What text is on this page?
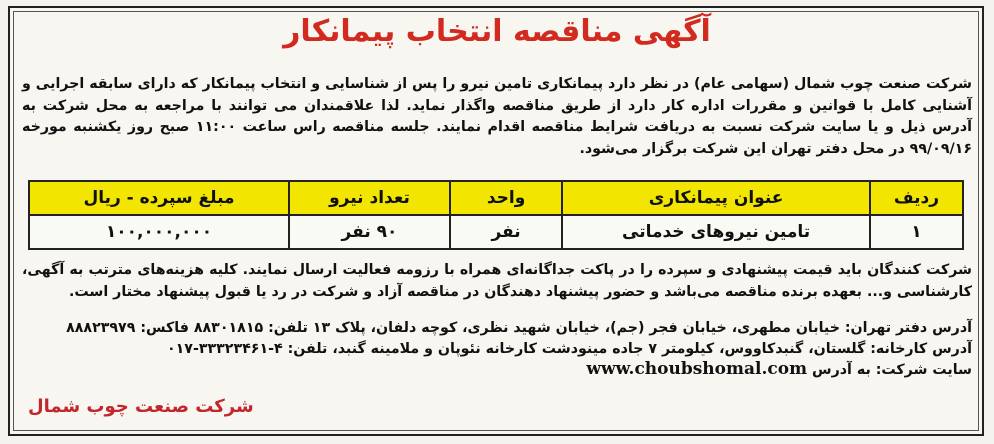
آگهی مناقصه انتخاب پیمانکار
شرکت صنعت چوب شمال (سهامی عام) در نظر دارد پیمانکاری تامین نیرو را پس از شناسایی و انتخاب پیمانکار که دارای سابقه اجرایی و آشنایی کامل با قوانین و مقررات اداره کار دارد از طریق مناقصه واگذار نماید. لذا علاقمندان می توانند با مراجعه به محل شرکت به آدرس ذیل و یا سایت شرکت نسبت به دریافت شرایط مناقصه اقدام نمایند. جلسه مناقصه راس ساعت ۱۱:۰۰ صبح روز یکشنبه مورخه ۹۹/۰۹/۱۶ در محل دفتر تهران این شرکت برگزار می‌شود.
ردیف	عنوان پیمانکاری	واحد	تعداد نیرو	مبلغ سپرده - ریال
۱	تامین نیروهای خدماتی	نفر	۹۰ نفر	۱۰۰,۰۰۰,۰۰۰
شرکت کنندگان باید قیمت پیشنهادی و سپرده را در پاکت جداگانه‌ای همراه با رزومه فعالیت ارسال نمایند. کلیه هزینه‌های مترتب به آگهی، کارشناسی و... بعهده برنده مناقصه می‌باشد و حضور پیشنهاد دهندگان در مناقصه آزاد و شرکت در رد یا قبول پیشنهاد مختار است.
آدرس دفتر تهران: خیابان مطهری، خیابان فجر (جم)، خیابان شهید نظری، کوچه دلفان، پلاک ۱۳ تلفن: ۸۸۳۰۱۸۱۵ فاکس: ۸۸۸۲۳۹۷۹
آدرس کارخانه: گلستان، گنبدکاووس، کیلومتر ۷ جاده مینودشت کارخانه نئوپان و ملامینه گنبد، تلفن: ۴-۳۳۳۲۳۴۶۱-۰۱۷
سایت شرکت: به آدرس www.choubshomal.com
شرکت صنعت چوب شمال
